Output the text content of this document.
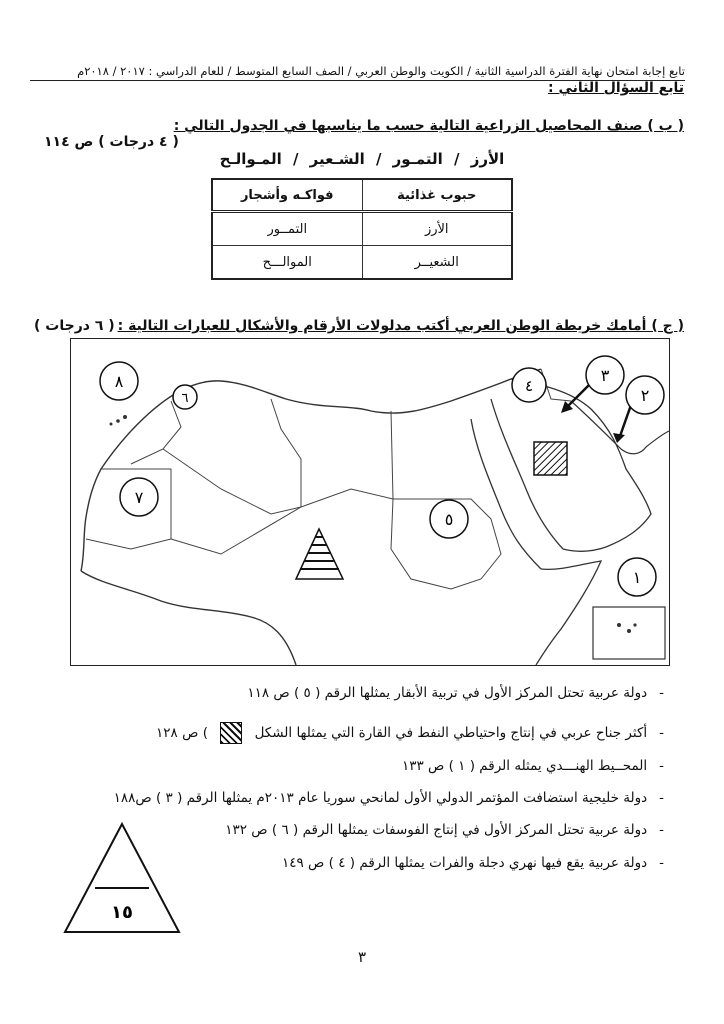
تابع إجابة امتحان نهاية الفترة الدراسية الثانية / الكويت والوطن العربي / الصف السابع المتوسط / للعام الدراسي : ٢٠١٧ / ٢٠١٨م
تابع السؤال الثاني :
( ب ) صنف المحاصيل الزراعية التالية حسب ما يناسبها في الجدول التالي :
( ٤ درجات ) ص ١١٤
الأرز / التمـور / الشـعير / المـوالـح
حبوب غذائية	فواكـه وأشجار
الأرز	التمــور
الشعيــر	الموالـــح
( ج ) أمامك خريطة الوطن العربي أكتب مدلولات الأرقام والأشكال للعبارات التالية :
( ٦ درجات )
٨
٦
٧
٥
٤
٣
٢
١
-دولة عربية تحتل المركز الأول في تربية الأبقار يمثلها الرقم ( ٥ ) ص ١١٨
-أكثر جناح عربي في إنتاج واحتياطي النفط في القارة التي يمثلها الشكل  ) ص ١٢٨
-المحــيط الهنـــدي يمثله الرقم ( ١ ) ص ١٣٣
-دولة خليجية استضافت المؤتمر الدولي الأول لمانحي سوريا عام ٢٠١٣م يمثلها الرقم ( ٣ ) ص١٨٨
-دولة عربية تحتل المركز الأول في إنتاج الفوسفات يمثلها الرقم ( ٦ ) ص ١٣٢
-دولة عربية يقع فيها نهري دجلة والفرات يمثلها الرقم ( ٤ ) ص ١٤٩
١٥
٣
